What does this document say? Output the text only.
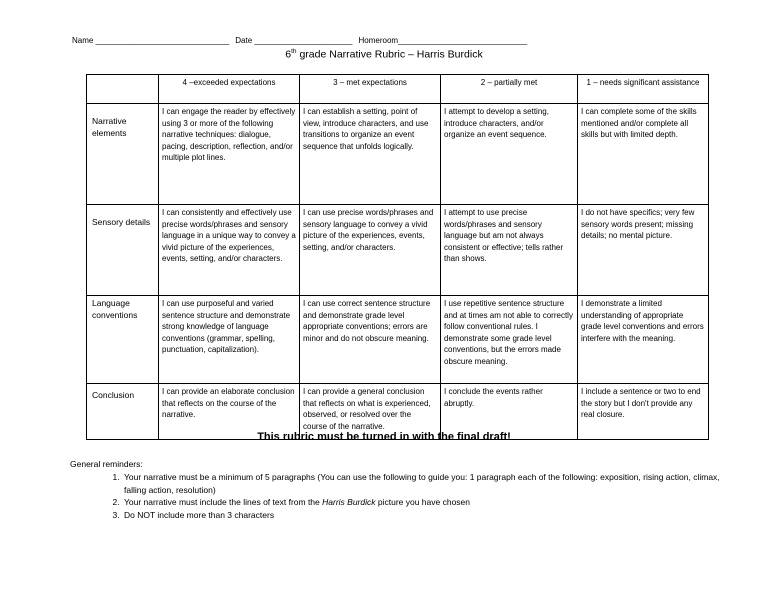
Name ______________________________ Date ______________________ Homeroom_____________________________
6th grade Narrative Rubric – Harris Burdick
	4 –exceeded expectations	3 – met expectations	2 – partially met	1 – needs significant assistance
Narrative elements	I can engage the reader by effectively using 3 or more of the following narrative techniques: dialogue, pacing, description, reflection, and/or multiple plot lines.	I can establish a setting, point of view, introduce characters, and use transitions to organize an event sequence that unfolds logically.	I attempt to develop a setting, introduce characters, and/or organize an event sequence.	I can complete some of the skills mentioned and/or complete all skills but with limited depth.
Sensory details	I can consistently and effectively use precise words/phrases and sensory language in a unique way to convey a vivid picture of the experiences, events, setting, and/or characters.	I can use precise words/phrases and sensory language to convey a vivid picture of the experiences, events, setting, and/or characters.	I attempt to use precise words/phrases and sensory language but am not always consistent or effective; tells rather than shows.	I do not have specifics; very few sensory words present; missing details; no mental picture.
Language conventions	I can use purposeful and varied sentence structure and demonstrate strong knowledge of language conventions (grammar, spelling, punctuation, capitalization).	I can use correct sentence structure and demonstrate grade level appropriate conventions; errors are minor and do not obscure meaning.	I use repetitive sentence structure and at times am not able to correctly follow conventional rules. I demonstrate some grade level conventions, but the errors made obscure meaning.	I demonstrate a limited understanding of appropriate grade level conventions and errors interfere with the meaning.
Conclusion	I can provide an elaborate conclusion that reflects on the course of the narrative.	I can provide a general conclusion that reflects on what is experienced, observed, or resolved over the course of the narrative.	I conclude the events rather abruptly.	I include a sentence or two to end the story but I don't provide any real closure.
This rubric must be turned in with the final draft!
General reminders:
1. Your narrative must be a minimum of 5 paragraphs (You can use the following to guide you: 1 paragraph each of the following: exposition, rising action, climax, falling action, resolution)
2. Your narrative must include the lines of text from the Harris Burdick picture you have chosen
3. Do NOT include more than 3 characters
